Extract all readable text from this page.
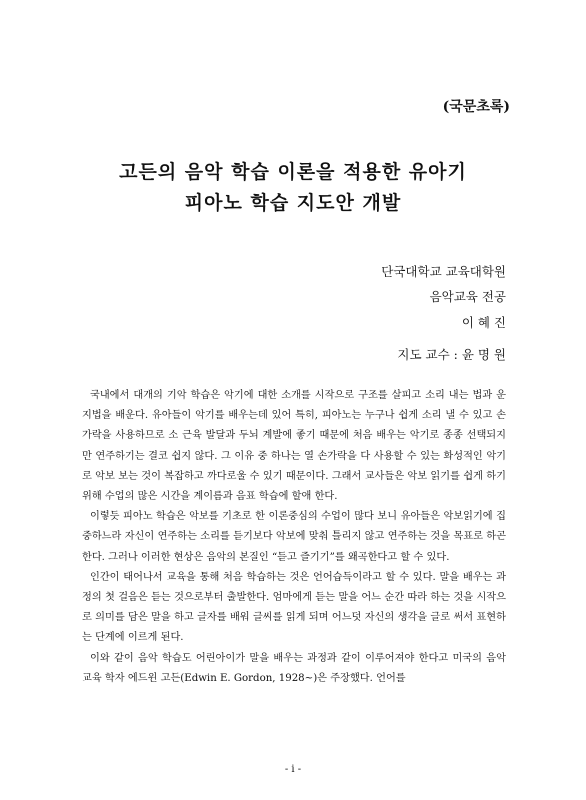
(국문초록)
고든의 음악 학습 이론을 적용한 유아기
피아노 학습 지도안 개발
단국대학교 교육대학원
음악교육 전공
이 혜 진
지도 교수 : 윤 명 원

국내에서 대개의 기악 학습은 악기에 대한 소개를 시작으로 구조를 살피고 소리 내는 법과 운지법을 배운다. 유아들이 악기를 배우는데 있어 특히, 피아노는 누구나 쉽게 소리 낼 수 있고 손가락을 사용하므로 소 근육 발달과 두뇌 계발에 좋기 때문에 처음 배우는 악기로 종종 선택되지만 연주하기는 결코 쉽지 않다. 그 이유 중 하나는 열 손가락을 다 사용할 수 있는 화성적인 악기로 악보 보는 것이 복잡하고 까다로울 수 있기 때문이다. 그래서 교사들은 악보 읽기를 쉽게 하기 위해 수업의 많은 시간을 계이름과 음표 학습에 할애 한다.

이렇듯 피아노 학습은 악보를 기초로 한 이론중심의 수업이 많다 보니 유아들은 악보읽기에 집중하느라 자신이 연주하는 소리를 듣기보다 악보에 맞춰 틀리지 않고 연주하는 것을 목표로 하곤 한다. 그러나 이러한 현상은 음악의 본질인 “듣고 즐기기”를 왜곡한다고 할 수 있다.

인간이 태어나서 교육을 통해 처음 학습하는 것은 언어습득이라고 할 수 있다. 말을 배우는 과정의 첫 걸음은 듣는 것으로부터 출발한다. 엄마에게 듣는 말을 어느 순간 따라 하는 것을 시작으로 의미를 담은 말을 하고 글자를 배워 글씨를 읽게 되며 어느덧 자신의 생각을 글로 써서 표현하는 단계에 이르게 된다.

이와 같이 음악 학습도 어린아이가 말을 배우는 과정과 같이 이루어져야 한다고 미국의 음악 교육 학자 에드윈 고든(Edwin E. Gordon, 1928~)은 주장했다. 언어를

- i -
